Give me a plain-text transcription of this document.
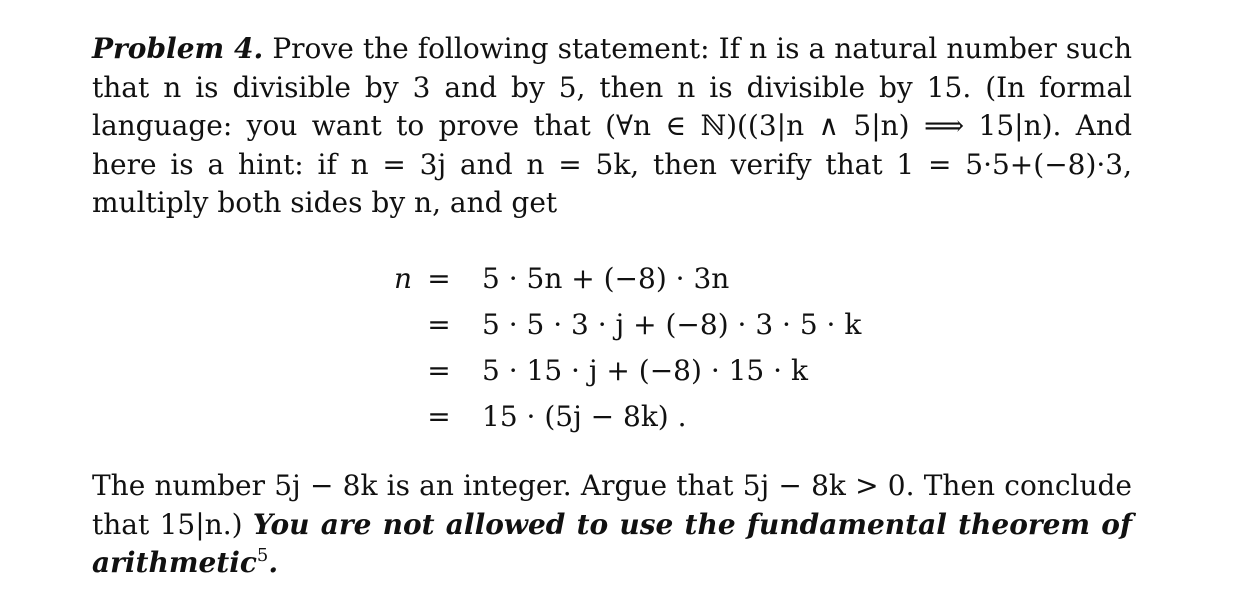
Problem 4. Prove the following statement: If n is a natural number such that n is divisible by 3 and by 5, then n is divisible by 15. (In formal language: you want to prove that (∀n ∈ ℕ)((3|n ∧ 5|n) ⟹ 15|n). And here is a hint: if n = 3j and n = 5k, then verify that 1 = 5·5+(−8)·3, multiply both sides by n, and get
n = 5 · 5n + (−8) · 3n
= 5 · 5 · 3 · j + (−8) · 3 · 5 · k
= 5 · 15 · j + (−8) · 15 · k
= 15 · (5j − 8k) .
The number 5j − 8k is an integer. Argue that 5j − 8k > 0. Then conclude that 15|n.) You are not allowed to use the fundamental theorem of arithmetic$^5$.
